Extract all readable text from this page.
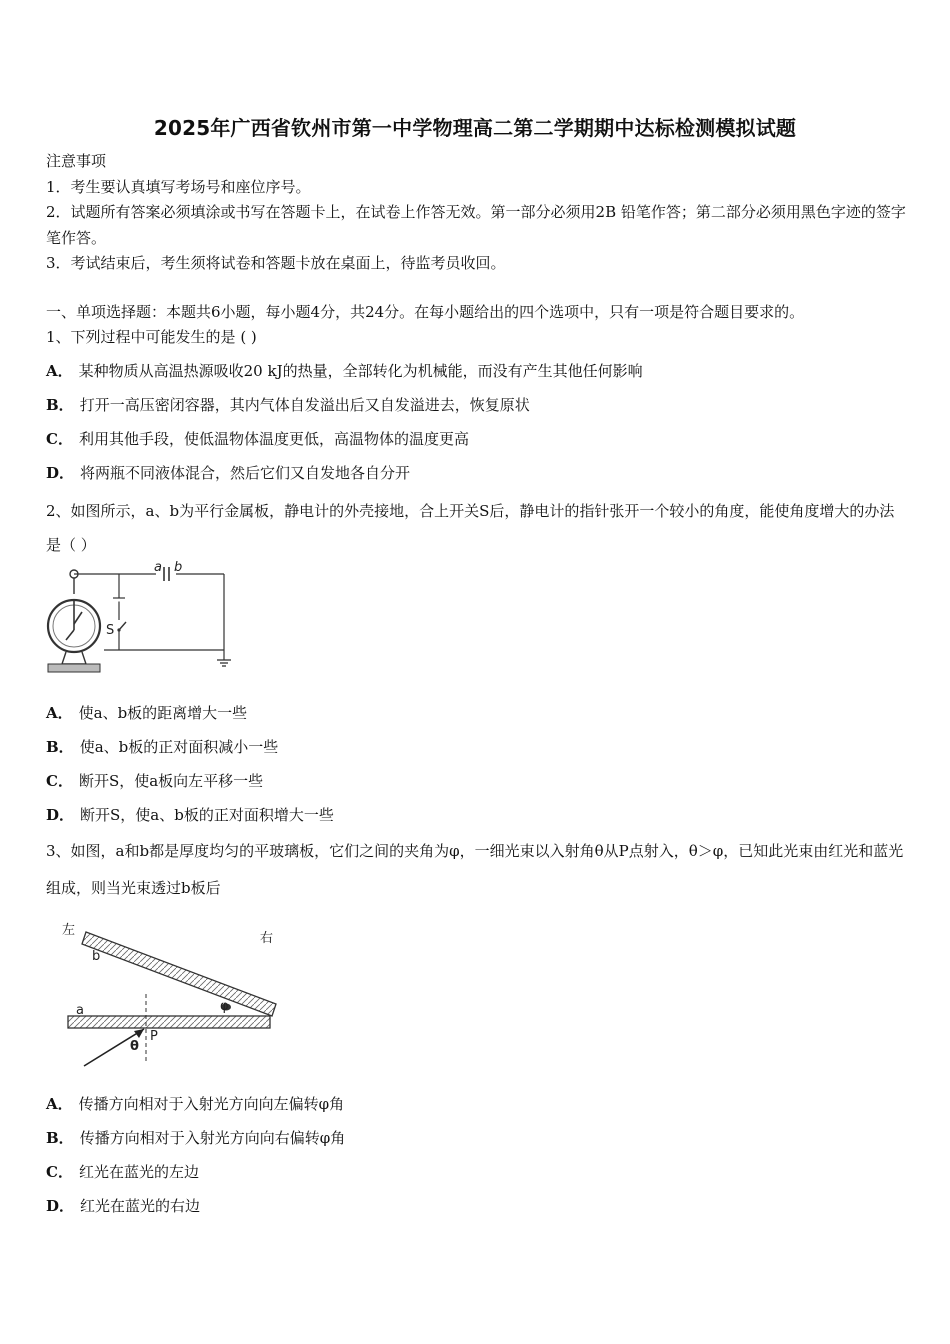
2025年广西省钦州市第一中学物理高二第二学期期中达标检测模拟试题
注意事项
1．考生要认真填写考场号和座位序号。
2．试题所有答案必须填涂或书写在答题卡上，在试卷上作答无效。第一部分必须用2B 铅笔作答；第二部分必须用黑色字迹的签字笔作答。
3．考试结束后，考生须将试卷和答题卡放在桌面上，待监考员收回。
一、单项选择题：本题共6小题，每小题4分，共24分。在每小题给出的四个选项中，只有一项是符合题目要求的。
1、下列过程中可能发生的是 ( )
A． 某种物质从高温热源吸收20 kJ的热量，全部转化为机械能，而没有产生其他任何影响
B． 打开一高压密闭容器，其内气体自发溢出后又自发溢进去，恢复原状
C． 利用其他手段，使低温物体温度更低，高温物体的温度更高
D． 将两瓶不同液体混合，然后它们又自发地各自分开
2、如图所示，a、b为平行金属板，静电计的外壳接地，合上开关S后，静电计的指针张开一个较小的角度，能使角度增大的办法是（ ）
a b
S
A． 使a、b板的距离增大一些
B． 使a、b板的正对面积减小一些
C． 断开S，使a板向左平移一些
D． 断开S，使a、b板的正对面积增大一些
3、如图，a和b都是厚度均匀的平玻璃板，它们之间的夹角为φ，一细光束以入射角θ从P点射入，θ＞φ，已知此光束由红光和蓝光组成，则当光束透过b板后
左
右
b
a	φ
θ
P
A． 传播方向相对于入射光方向向左偏转φ角
B． 传播方向相对于入射光方向向右偏转φ角
C． 红光在蓝光的左边
D． 红光在蓝光的右边
